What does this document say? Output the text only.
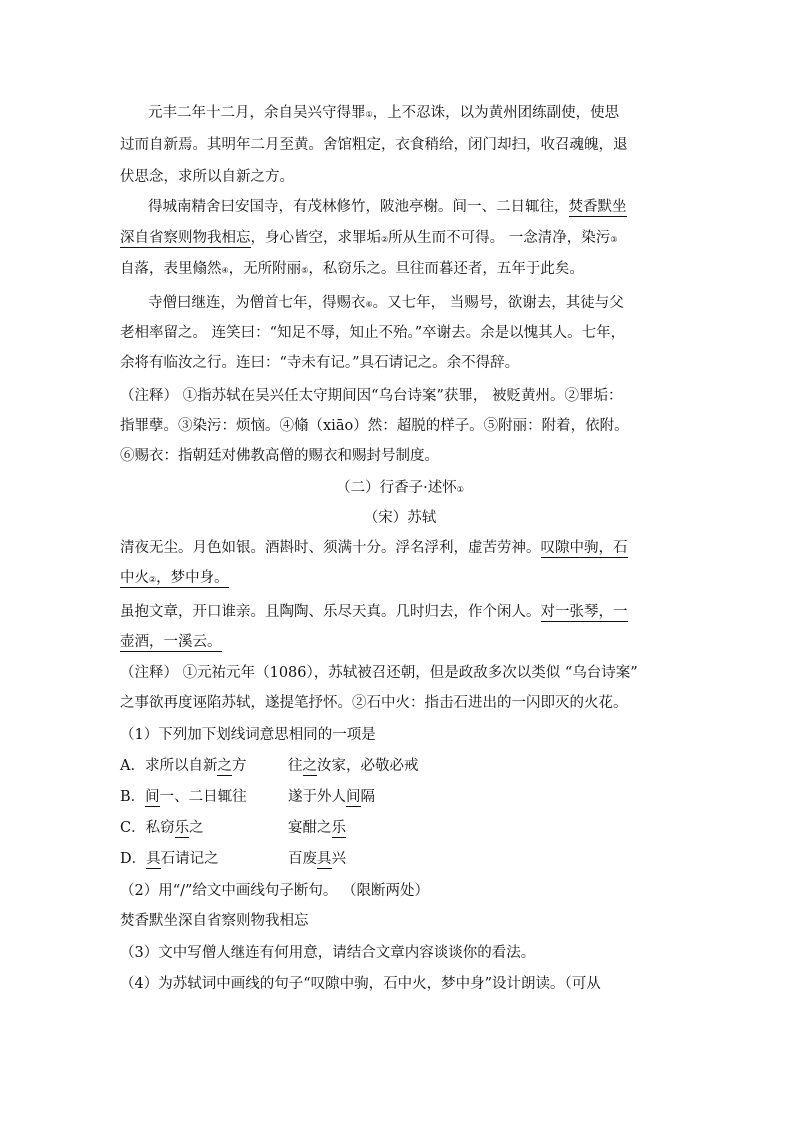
元丰二年十二月，余自吴兴守得罪①，上不忍诛，以为黄州团练副使，使思
过而自新焉。其明年二月至黄。舍馆粗定，衣食稍给，闭门却扫，收召魂魄，退
伏思念，求所以自新之方。
得城南精舍曰安国寺，有茂林修竹，陂池亭榭。间一、二日辄往，焚香默坐
深自省察则物我相忘，身心皆空，求罪垢②所从生而不可得。 一念清净，染污③
自落，表里翛然④，无所附丽⑤，私窃乐之。旦往而暮还者，五年于此矣。
寺僧曰继连，为僧首七年，得赐衣⑥。又七年， 当赐号，欲谢去，其徒与父
老相率留之。 连笑曰：“知足不辱，知止不殆。”卒谢去。余是以愧其人。七年，
余将有临汝之行。连曰：“寺未有记。”具石请记之。余不得辞。
（注释） ①指苏轼在吴兴任太守期间因“乌台诗案”获罪， 被贬黄州。②罪垢：
指罪孽。③染污：烦恼。④翛（xiāo）然：超脱的样子。⑤附丽：附着，依附。
⑥赐衣：指朝廷对佛教高僧的赐衣和赐封号制度。
（二）行香子·述怀①
（宋）苏轼
清夜无尘。月色如银。酒斟时、须满十分。浮名浮利，虚苦劳神。叹隙中驹，石
中火②，梦中身。
虽抱文章，开口谁亲。且陶陶、乐尽天真。几时归去，作个闲人。对一张琴，一
壶酒，一溪云。
（注释） ①元祐元年（1086），苏轼被召还朝，但是政敌多次以类似 “乌台诗案”
之事欲再度诬陷苏轼，遂提笔抒怀。②石中火：指击石进出的一闪即灭的火花。
（1）下列加下划线词意思相同的一项是
A．求所以自新之方	往之汝家，必敬必戒
B．间一、二日辄往	遂于外人间隔
C．私窃乐之	宴酣之乐
D．具石请记之	百废具兴
（2）用“/”给文中画线句子断句。 （限断两处）
焚香默坐深自省察则物我相忘
（3）文中写僧人继连有何用意，请结合文章内容谈谈你的看法。
（4）为苏轼词中画线的句子“叹隙中驹，石中火，梦中身”设计朗读。（可从
